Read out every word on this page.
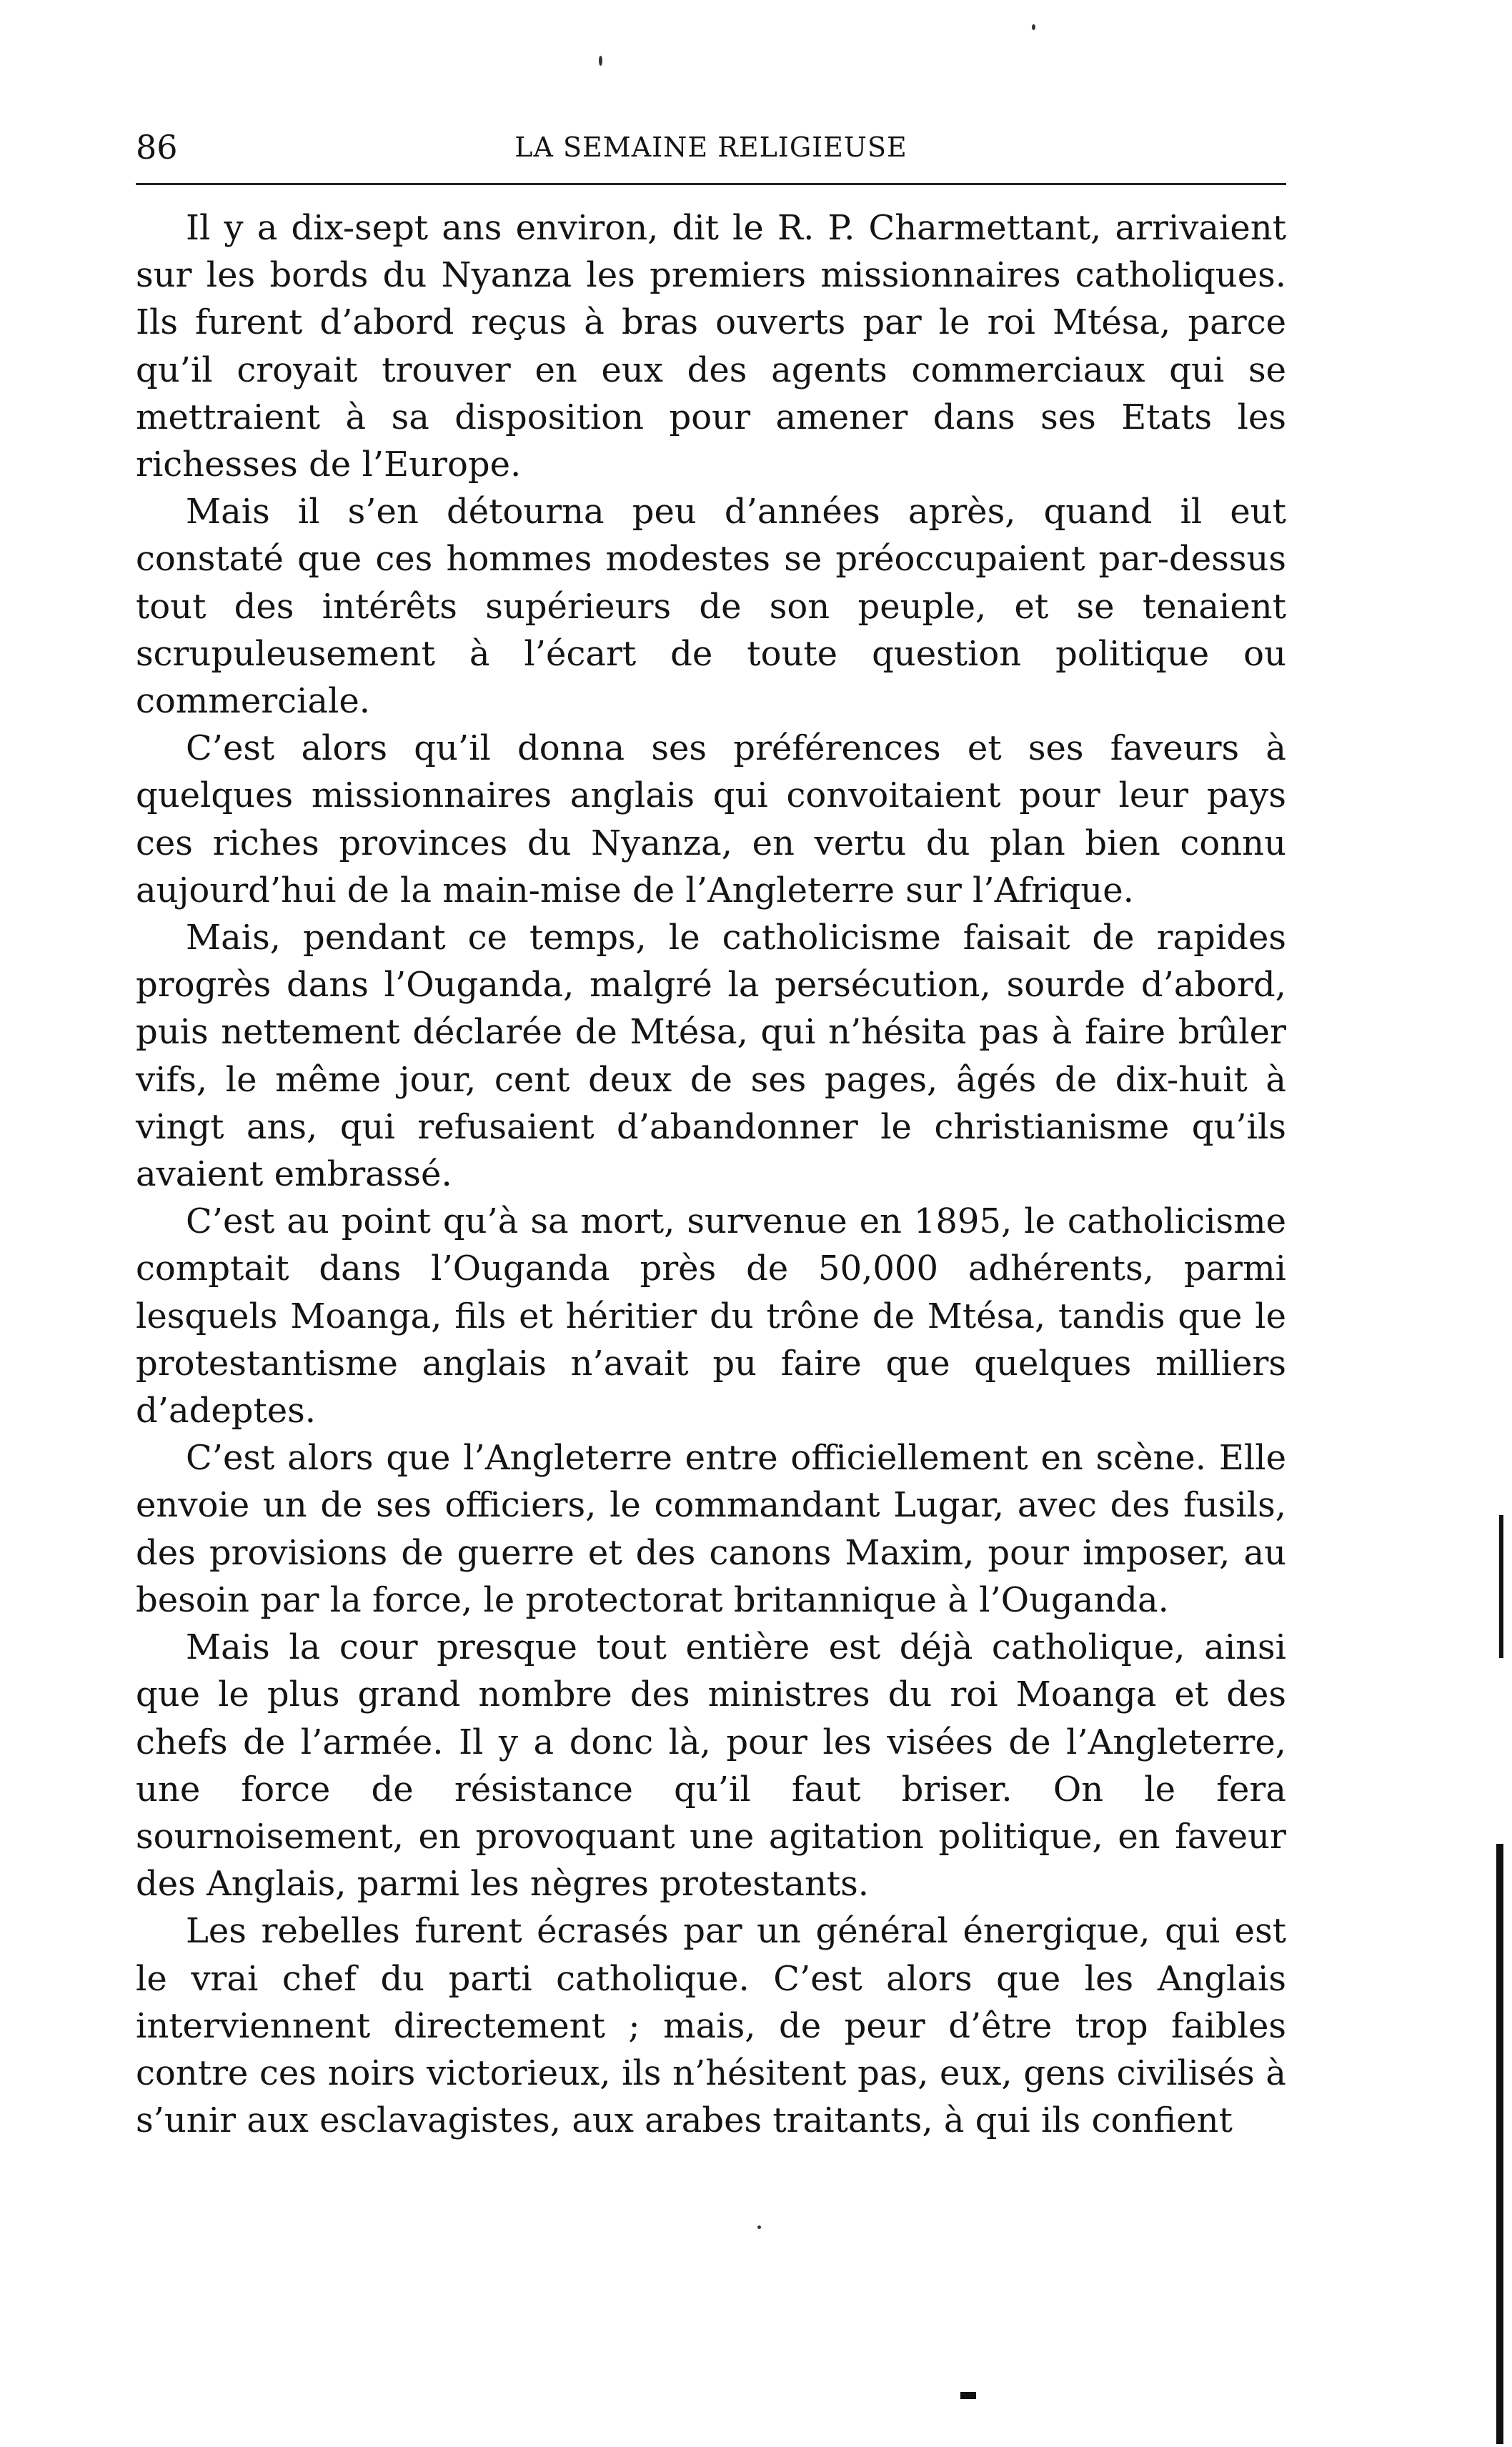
86	LA SEMAINE RELIGIEUSE

Il y a dix-sept ans environ, dit le R. P. Charmettant, arrivaient sur les bords du Nyanza les premiers missionnaires catholiques. Ils furent d’abord reçus à bras ouverts par le roi Mtésa, parce qu’il croyait trouver en eux des agents commerciaux qui se mettraient à sa disposition pour amener dans ses Etats les richesses de l’Europe.

Mais il s’en détourna peu d’années après, quand il eut constaté que ces hommes modestes se préoccupaient par-dessus tout des intérêts supérieurs de son peuple, et se tenaient scrupuleusement à l’écart de toute question politique ou commerciale.

C’est alors qu’il donna ses préférences et ses faveurs à quelques missionnaires anglais qui convoitaient pour leur pays ces riches provinces du Nyanza, en vertu du plan bien connu aujourd’hui de la main-mise de l’Angleterre sur l’Afrique.

Mais, pendant ce temps, le catholicisme faisait de rapides progrès dans l’Ouganda, malgré la persécution, sourde d’abord, puis nettement déclarée de Mtésa, qui n’hésita pas à faire brûler vifs, le même jour, cent deux de ses pages, âgés de dix-huit à vingt ans, qui refusaient d’abandonner le christianisme qu’ils avaient embrassé.

C’est au point qu’à sa mort, survenue en 1895, le catholicisme comptait dans l’Ouganda près de 50,000 adhérents, parmi lesquels Moanga, fils et héritier du trône de Mtésa, tandis que le protestantisme anglais n’avait pu faire que quelques milliers d’adeptes.

C’est alors que l’Angleterre entre officiellement en scène. Elle envoie un de ses officiers, le commandant Lugar, avec des fusils, des provisions de guerre et des canons Maxim, pour imposer, au besoin par la force, le protectorat britannique à l’Ouganda.

Mais la cour presque tout entière est déjà catholique, ainsi que le plus grand nombre des ministres du roi Moanga et des chefs de l’armée. Il y a donc là, pour les visées de l’Angleterre, une force de résistance qu’il faut briser. On le fera sournoisement, en provoquant une agitation politique, en faveur des Anglais, parmi les nègres protestants.

Les rebelles furent écrasés par un général énergique, qui est le vrai chef du parti catholique. C’est alors que les Anglais interviennent directement ; mais, de peur d’être trop faibles contre ces noirs victorieux, ils n’hésitent pas, eux, gens civilisés à s’unir aux esclavagistes, aux arabes traitants, à qui ils confient
